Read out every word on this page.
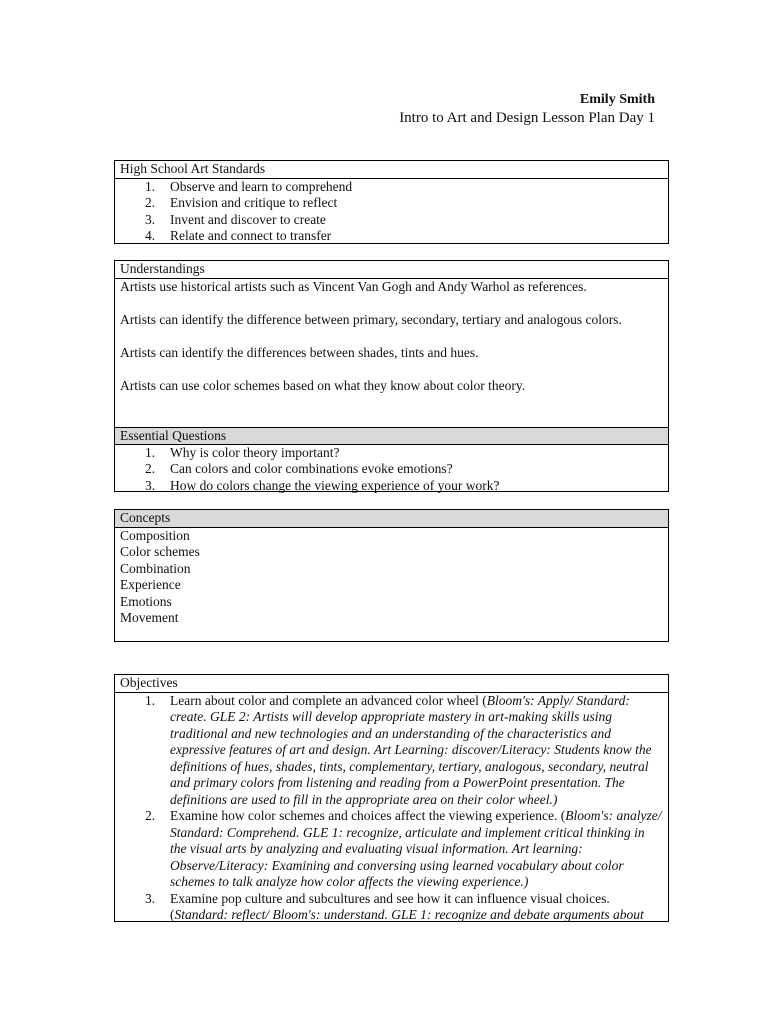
Emily Smith
Intro to Art and Design Lesson Plan Day 1
High School Art Standards
1.	Observe and learn to comprehend
2.	Envision and critique to reflect
3.	Invent and discover to create
4.	Relate and connect to transfer
Understandings

Artists use historical artists such as Vincent Van Gogh and Andy Warhol as references.

Artists can identify the difference between primary, secondary, tertiary and analogous colors.

Artists can identify the differences between shades, tints and hues.

Artists can use color schemes based on what they know about color theory.

Essential Questions
1.	Why is color theory important?
2.	Can colors and color combinations evoke emotions?
3.	How do colors change the viewing experience of your work?
Concepts
Composition
Color schemes
Combination
Experience
Emotions
Movement
Objectives
1.	Learn about color and complete an advanced color wheel (Bloom's: Apply/ Standard: create. GLE 2: Artists will develop appropriate mastery in art-making skills using traditional and new technologies and an understanding of the characteristics and expressive features of art and design. Art Learning: discover/Literacy: Students know the definitions of hues, shades, tints, complementary, tertiary, analogous, secondary, neutral and primary colors from listening and reading from a PowerPoint presentation. The definitions are used to fill in the appropriate area on their color wheel.)
2.	Examine how color schemes and choices affect the viewing experience. (Bloom's: analyze/ Standard: Comprehend. GLE 1: recognize, articulate and implement critical thinking in the visual arts by analyzing and evaluating visual information. Art learning: Observe/Literacy: Examining and conversing using learned vocabulary about color schemes to talk analyze how color affects the viewing experience.)
3.	Examine pop culture and subcultures and see how it can influence visual choices. (Standard: reflect/ Bloom's: understand. GLE 1: recognize and debate arguments about
